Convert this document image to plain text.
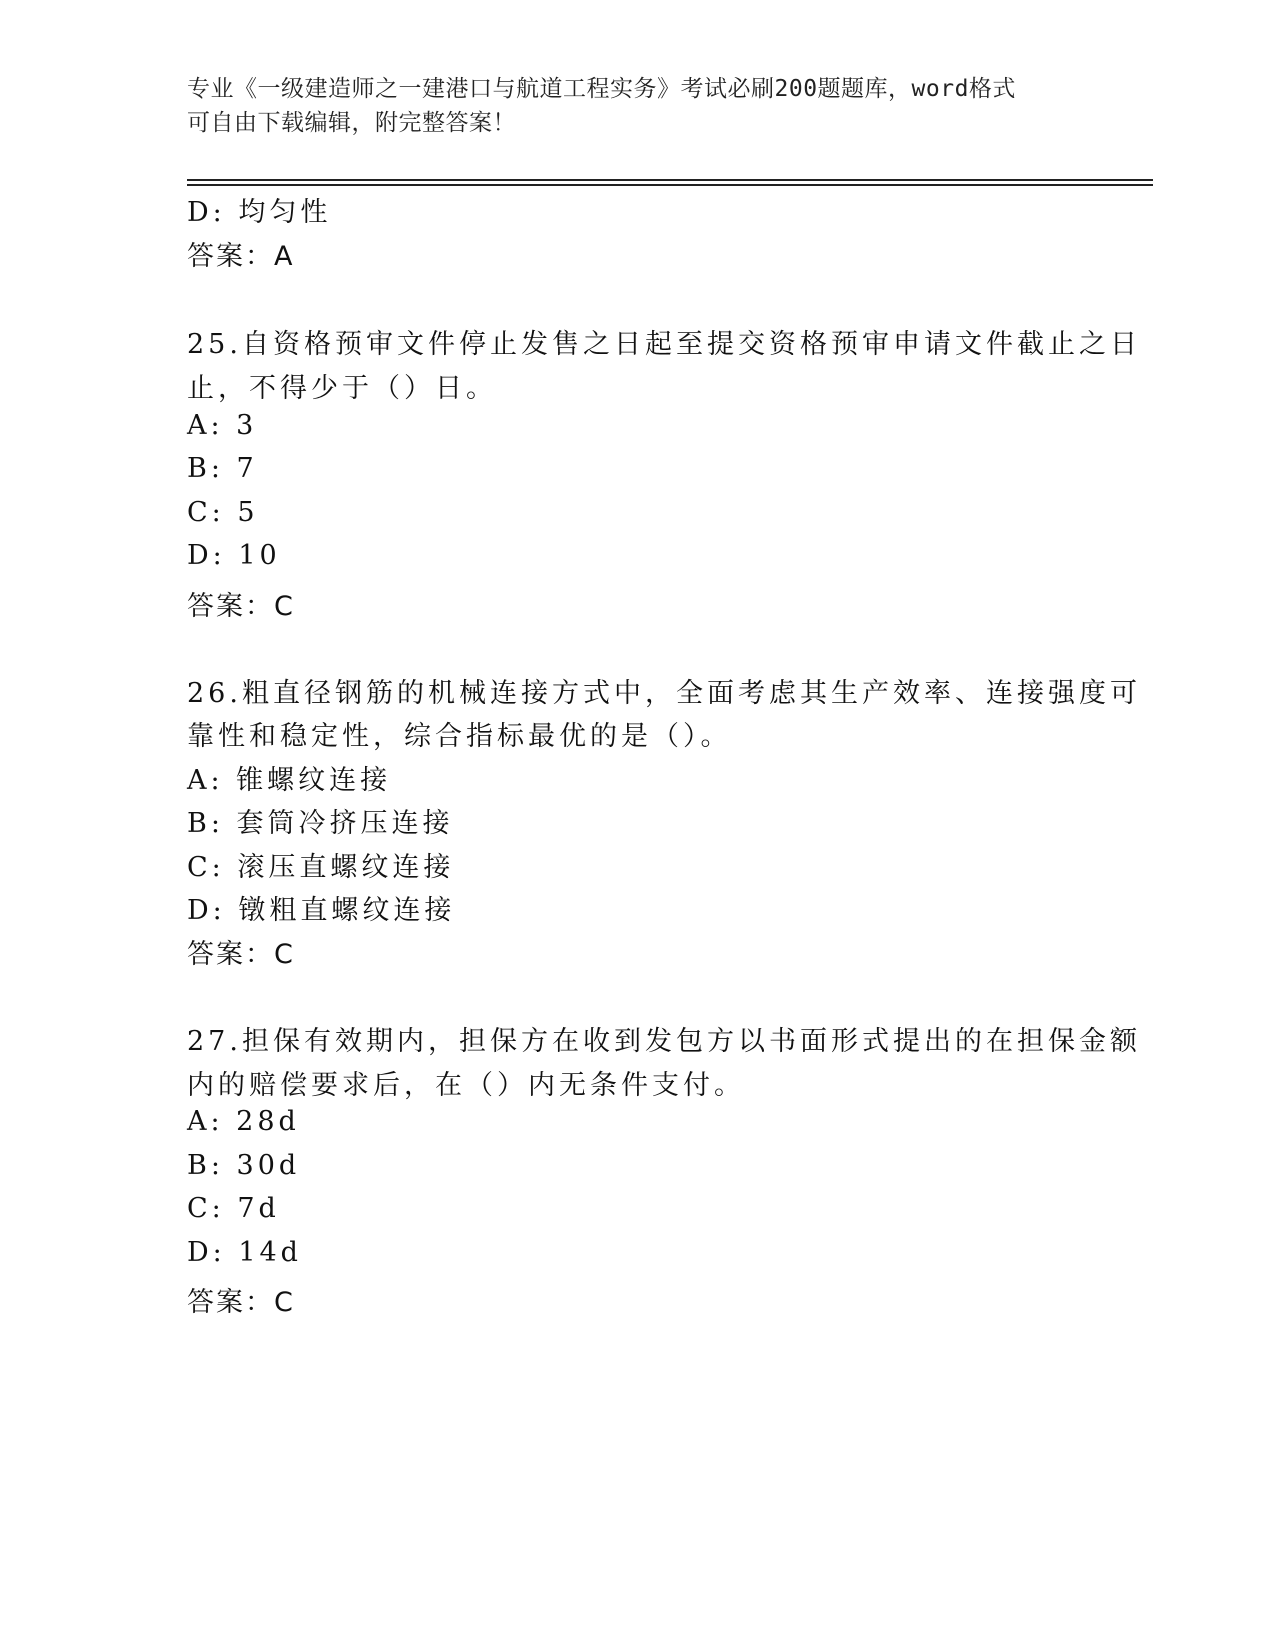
专业《一级建造师之一建港口与航道工程实务》考试必刷200题题库，word格式
可自由下载编辑，附完整答案！
D: 均匀性
答案：A
25.自资格预审文件停止发售之日起至提交资格预审申请文件截止之日
止，不得少于（）日。
A: 3
B: 7
C: 5
D: 10
答案：C
26.粗直径钢筋的机械连接方式中，全面考虑其生产效率、连接强度可
靠性和稳定性，综合指标最优的是（）。
A: 锥螺纹连接
B: 套筒冷挤压连接
C: 滚压直螺纹连接
D: 镦粗直螺纹连接
答案：C
27.担保有效期内，担保方在收到发包方以书面形式提出的在担保金额
内的赔偿要求后，在（）内无条件支付。
A: 28d
B: 30d
C: 7d
D: 14d
答案：C
